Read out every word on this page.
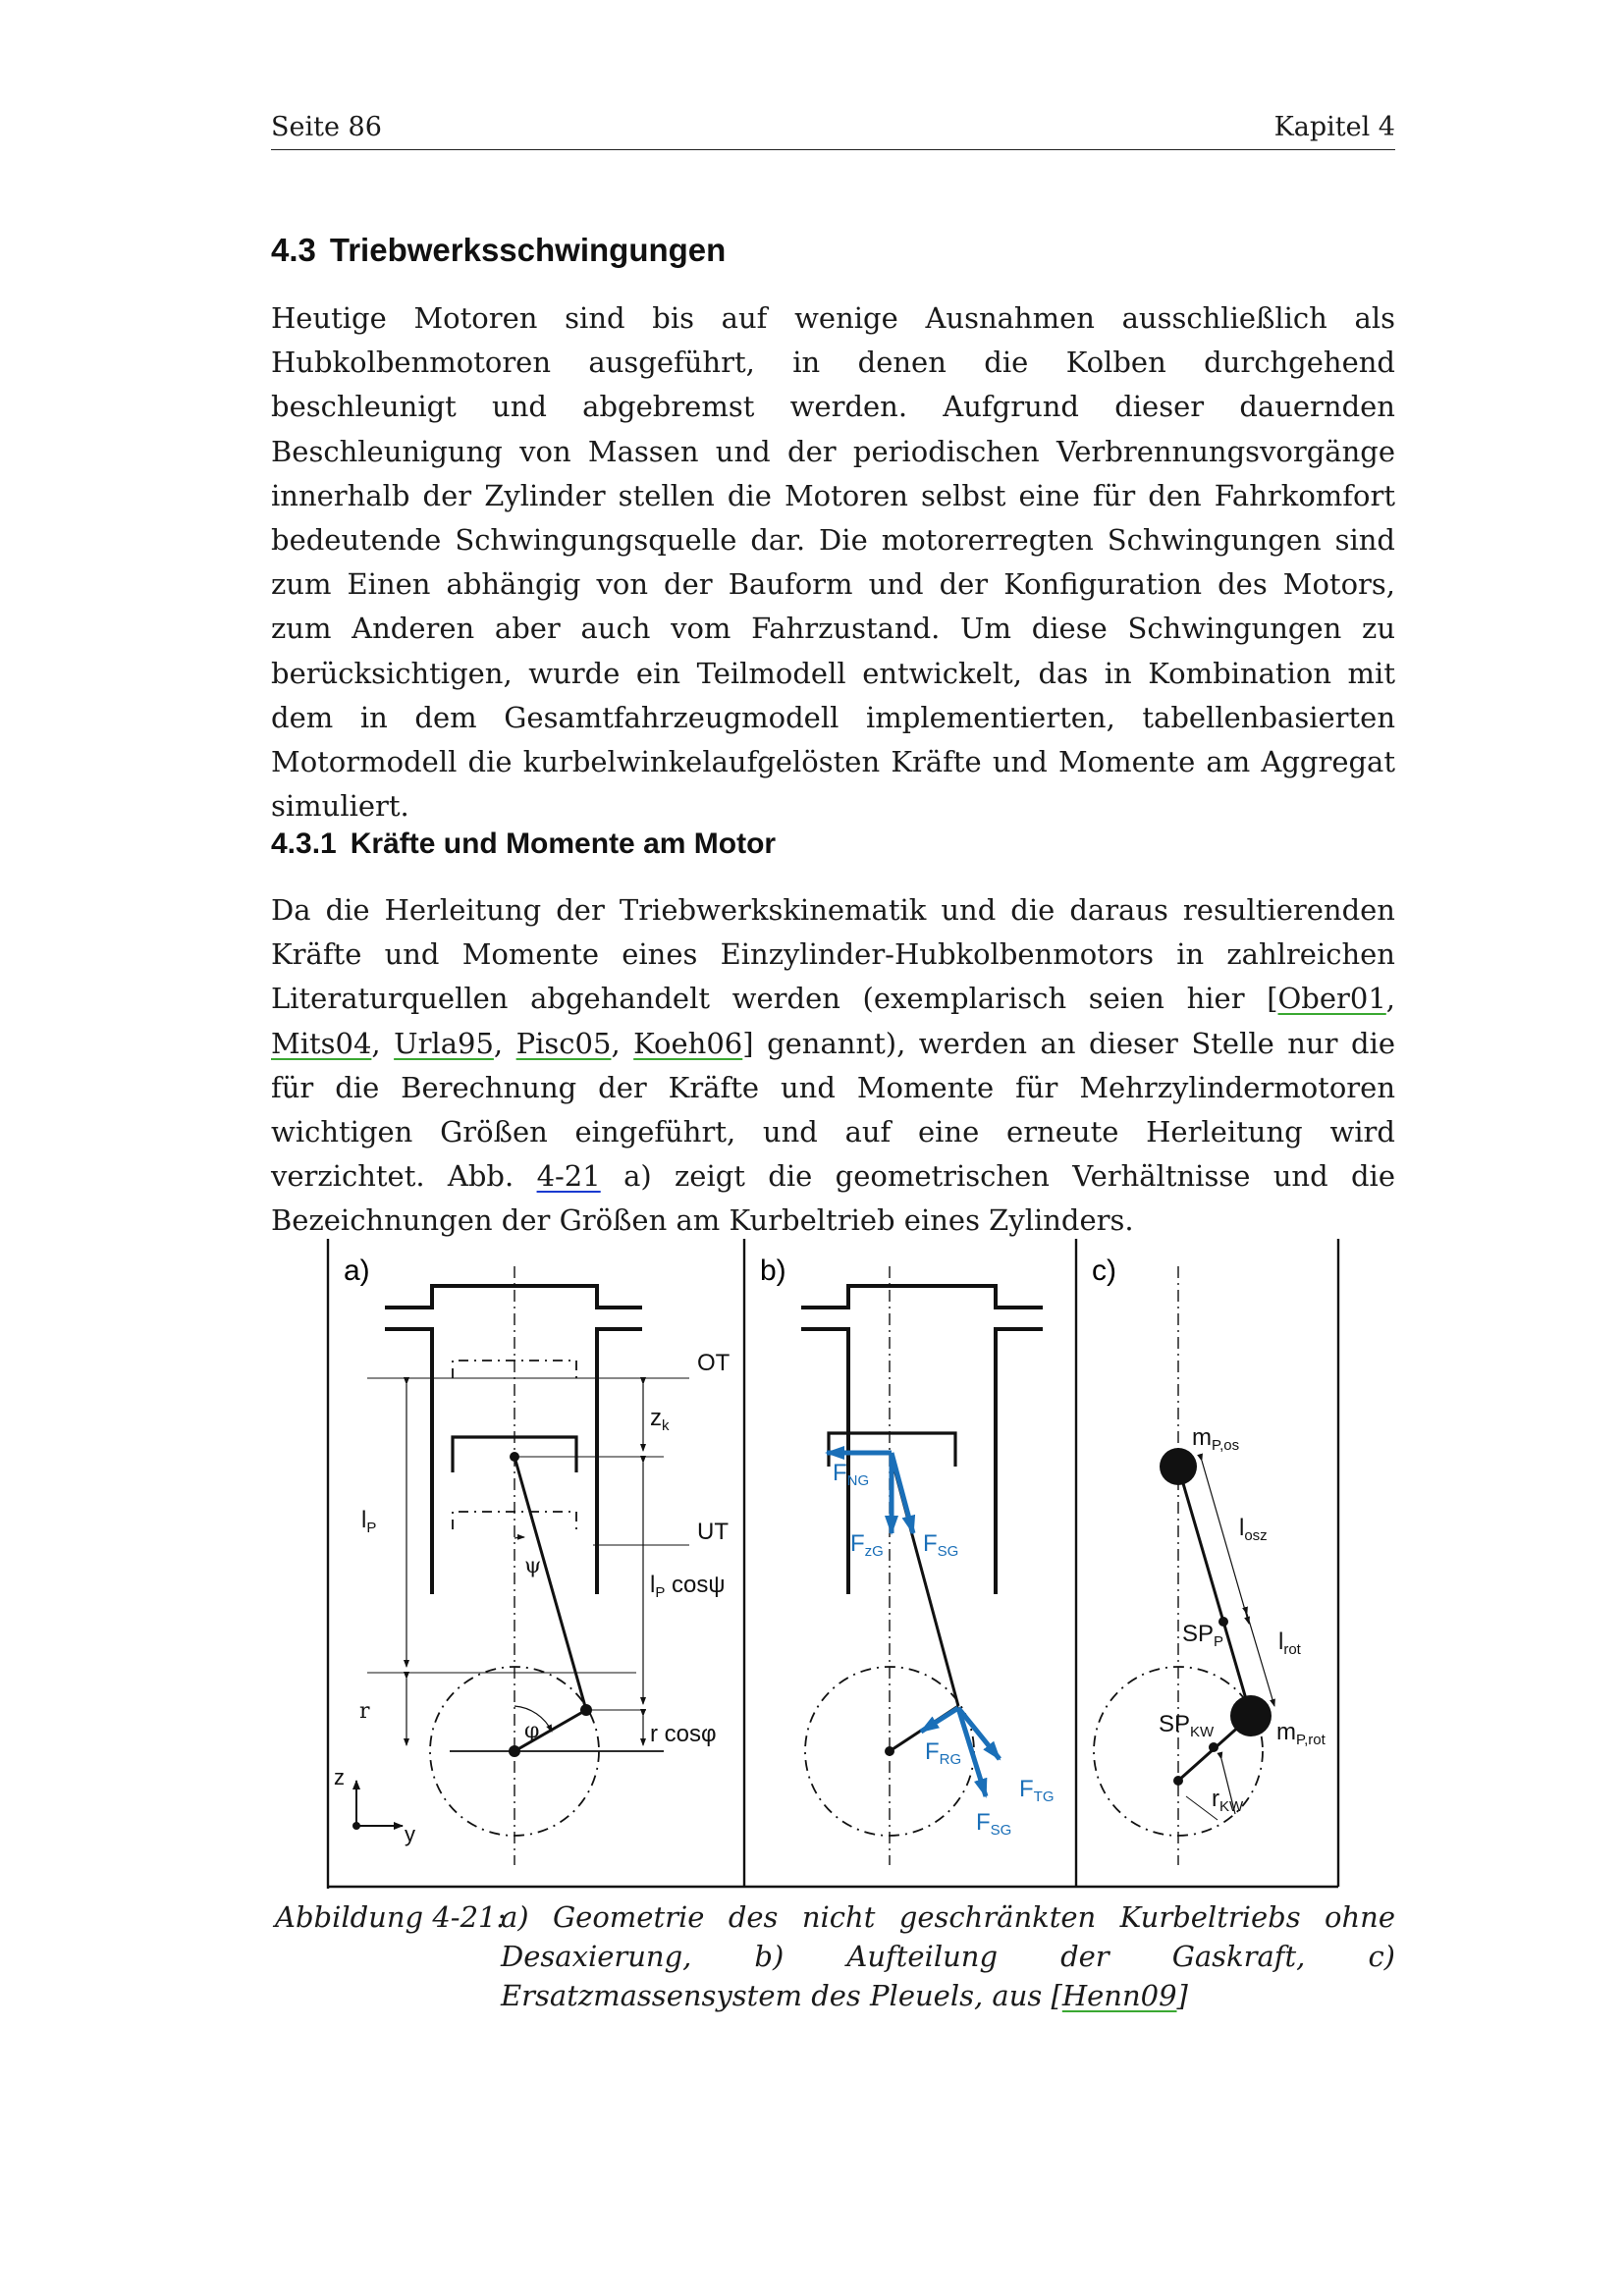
Seite 86	Kapitel 4
4.3 Triebwerksschwingungen
Heutige Motoren sind bis auf wenige Ausnahmen ausschließlich als Hubkolbenmotoren ausgeführt, in denen die Kolben durchgehend beschleunigt und abgebremst werden. Aufgrund dieser dauernden Beschleunigung von Massen und der periodischen Verbrennungsvorgänge innerhalb der Zylinder stellen die Motoren selbst eine für den Fahrkomfort bedeutende Schwingungsquelle dar. Die motorerregten Schwingungen sind zum Einen abhängig von der Bauform und der Konfiguration des Motors, zum Anderen aber auch vom Fahrzustand. Um diese Schwingungen zu berücksichtigen, wurde ein Teilmodell entwickelt, das in Kombination mit dem in dem Gesamtfahrzeugmodell implementierten, tabellenbasierten Motormodell die kurbelwinkelaufgelösten Kräfte und Momente am Aggregat simuliert.
4.3.1 Kräfte und Momente am Motor
Da die Herleitung der Triebwerkskinematik und die daraus resultierenden Kräfte und Momente eines Einzylinder-Hubkolbenmotors in zahlreichen Literaturquellen abgehandelt werden (exemplarisch seien hier [Ober01, Mits04, Urla95, Pisc05, Koeh06] genannt), werden an dieser Stelle nur die für die Berechnung der Kräfte und Momente für Mehrzylindermotoren wichtigen Größen eingeführt, und auf eine erneute Herleitung wird verzichtet. Abb. 4-21 a) zeigt die geometrischen Verhältnisse und die Bezeichnungen der Größen am Kurbeltrieb eines Zylinders.
a)	b)	c)
OT
UT
$z_k$
$l_P$
ψ
$l_P$ cosψ
r
φ	r cosφ
z
y
$F_{NG}$
$F_{zG}$ $F_{SG}$
$F_{RG}$
$F_{TG}$
$F_{SG}$
$m_{P,os}$
$l_{osz}$
$SP_P$ $l_{rot}$
$SP_{KW}$	$m_{P,rot}$
$r_{KW}$
Abbildung 4-21:
a) Geometrie des nicht geschränkten Kurbeltriebs ohne Desaxierung, b) Aufteilung der Gaskraft, c) Ersatzmassensystem des Pleuels, aus [Henn09]
